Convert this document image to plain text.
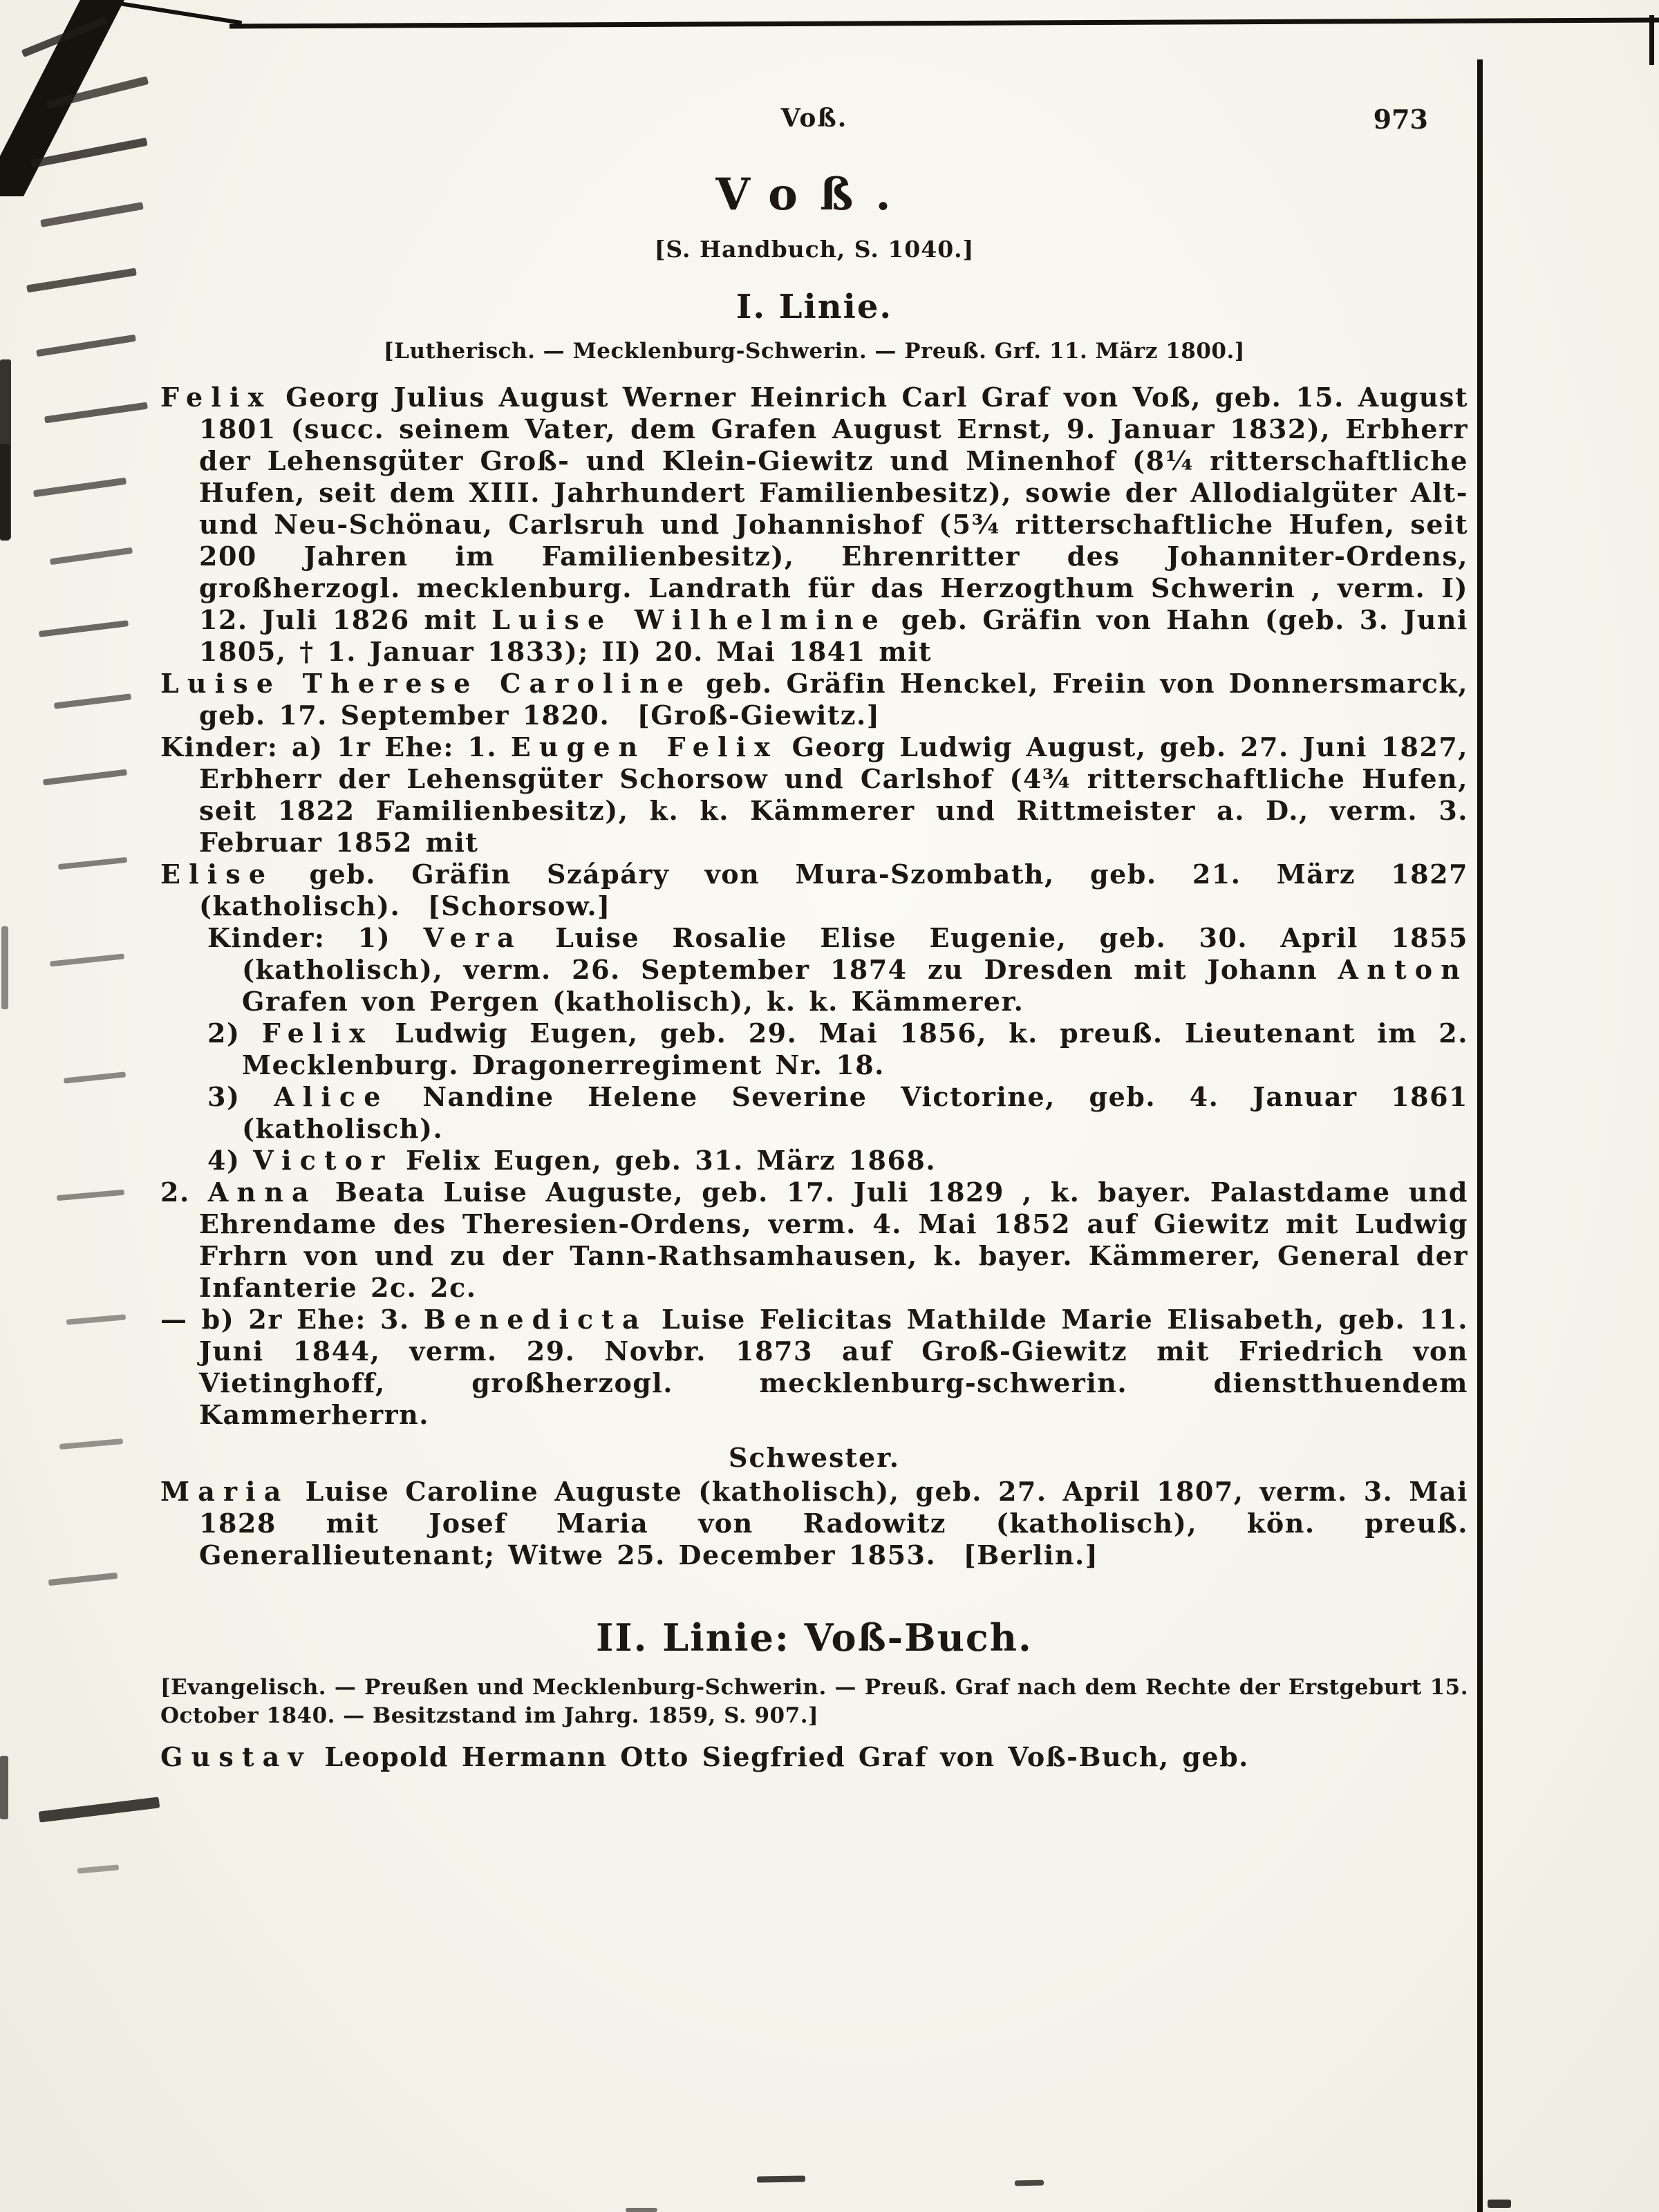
Voß.	973
Voß.
[S. Handbuch, S. 1040.]
I. Linie.
[Lutherisch. — Mecklenburg-Schwerin. — Preuß. Grf. 11. März 1800.]
Felix Georg Julius August Werner Heinrich Carl Graf von Voß, geb. 15. August 1801 (succ. seinem Vater, dem Grafen August Ernst, 9. Januar 1832), Erbherr der Lehensgüter Groß- und Klein-Giewitz und Minenhof (8¼ ritterschaftliche Hufen, seit dem XIII. Jahrhundert Familienbesitz), sowie der Allodialgüter Alt- und Neu-Schönau, Carlsruh und Johannishof (5¾ ritterschaftliche Hufen, seit 200 Jahren im Familienbesitz), Ehrenritter des Johanniter-Ordens, großherzogl. mecklenburg. Landrath für das Herzogthum Schwerin , verm. I) 12. Juli 1826 mit Luise Wilhelmine geb. Gräfin von Hahn (geb. 3. Juni 1805, † 1. Januar 1833); II) 20. Mai 1841 mit
Luise Therese Caroline geb. Gräfin Henckel, Freiin von Donnersmarck, geb. 17. September 1820. [Groß-Giewitz.]
Kinder: a) 1r Ehe: 1. Eugen Felix Georg Ludwig August, geb. 27. Juni 1827, Erbherr der Lehensgüter Schorsow und Carlshof (4¾ ritterschaftliche Hufen, seit 1822 Familienbesitz), k. k. Kämmerer und Rittmeister a. D., verm. 3. Februar 1852 mit
Elise geb. Gräfin Szápáry von Mura-Szombath, geb. 21. März 1827 (katholisch). [Schorsow.]
Kinder: 1) Vera Luise Rosalie Elise Eugenie, geb. 30. April 1855 (katholisch), verm. 26. September 1874 zu Dresden mit Johann Anton Grafen von Pergen (katholisch), k. k. Kämmerer.
2) Felix Ludwig Eugen, geb. 29. Mai 1856, k. preuß. Lieutenant im 2. Mecklenburg. Dragonerregiment Nr. 18.
3) Alice Nandine Helene Severine Victorine, geb. 4. Januar 1861 (katholisch).
4) Victor Felix Eugen, geb. 31. März 1868.
2. Anna Beata Luise Auguste, geb. 17. Juli 1829 , k. bayer. Palastdame und Ehrendame des Theresien-Ordens, verm. 4. Mai 1852 auf Giewitz mit Ludwig Frhrn von und zu der Tann-Rathsamhausen, k. bayer. Kämmerer, General der Infanterie 2c. 2c.
— b) 2r Ehe: 3. Benedicta Luise Felicitas Mathilde Marie Elisabeth, geb. 11. Juni 1844, verm. 29. Novbr. 1873 auf Groß-Giewitz mit Friedrich von Vietinghoff, großherzogl. mecklenburg-schwerin. dienstthuendem Kammerherrn.
Schwester.
Maria Luise Caroline Auguste (katholisch), geb. 27. April 1807, verm. 3. Mai 1828 mit Josef Maria von Radowitz (katholisch), kön. preuß. Generallieutenant; Witwe 25. December 1853. [Berlin.]
II. Linie: Voß-Buch.
[Evangelisch. — Preußen und Mecklenburg-Schwerin. — Preuß. Graf nach dem Rechte der Erstgeburt 15. October 1840. — Besitzstand im Jahrg. 1859, S. 907.]
Gustav Leopold Hermann Otto Siegfried Graf von Voß-Buch, geb.
